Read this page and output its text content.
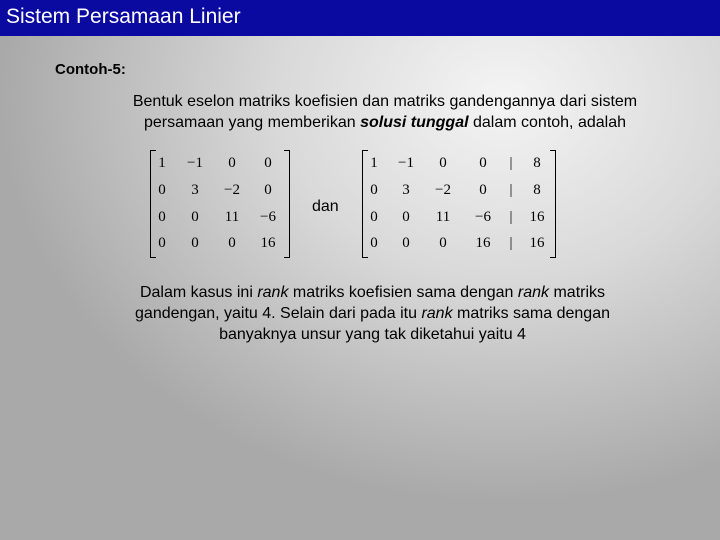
Sistem Persamaan Linier
Contoh-5:
Bentuk eselon matriks koefisien dan matriks gandengannya dari sistem
persamaan yang memberikan solusi tunggal dalam contoh, adalah
1	−1	0	0
0	3	−2	0
0	0	11	−6
0	0	0	16
dan
1	−1	0	0	|	8
0	3	−2	0	|	8
0	0	11	−6	|	16
0	0	0	16	|	16
Dalam kasus ini rank matriks koefisien sama dengan rank matriks
gandengan, yaitu 4. Selain dari pada itu rank matriks sama dengan
banyaknya unsur yang tak diketahui yaitu 4
